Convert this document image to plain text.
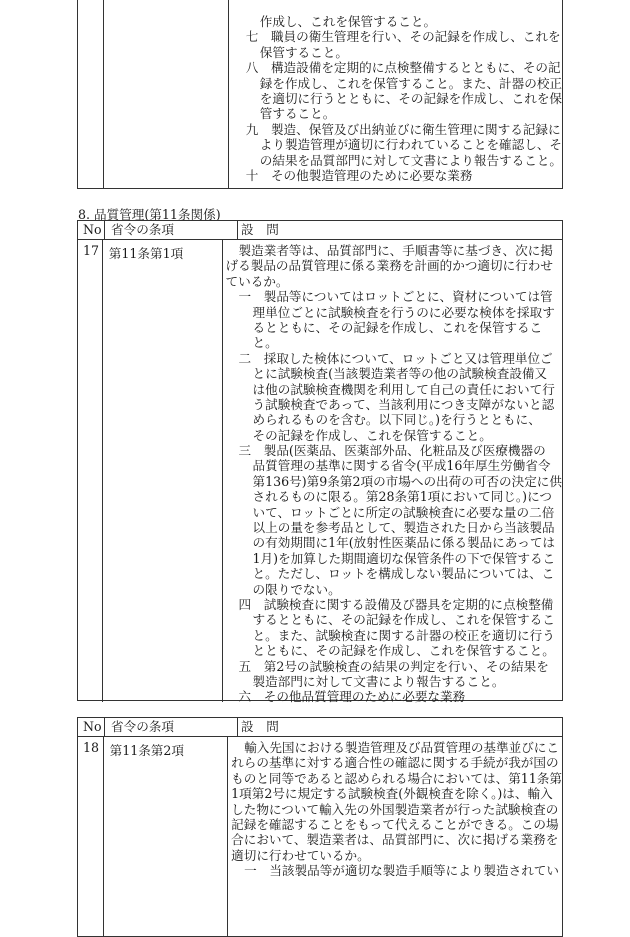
作成し、これを保管すること。
七　職員の衛生管理を行い、その記録を作成し、これを
保管すること。
八　構造設備を定期的に点検整備するとともに、その記
録を作成し、これを保管すること。また、計器の校正
を適切に行うとともに、その記録を作成し、これを保
管すること。
九　製造、保管及び出納並びに衛生管理に関する記録に
より製造管理が適切に行われていることを確認し、そ
の結果を品質部門に対して文書により報告すること。
十　その他製造管理のために必要な業務
8. 品質管理(第11条関係)
No 省令の条項	設　問
17 第11条第1項	製造業者等は、品質部門に、手順書等に基づき、次に掲
げる製品の品質管理に係る業務を計画的かつ適切に行わせ
ているか。
一　製品等についてはロットごとに、資材については管
理単位ごとに試験検査を行うのに必要な検体を採取す
るとともに、その記録を作成し、これを保管するこ
と。
二　採取した検体について、ロットごと又は管理単位ご
とに試験検査(当該製造業者等の他の試験検査設備又
は他の試験検査機関を利用して自己の責任において行
う試験検査であって、当該利用につき支障がないと認
められるものを含む。以下同じ。)を行うとともに、
その記録を作成し、これを保管すること。
三　製品(医薬品、医薬部外品、化粧品及び医療機器の
品質管理の基準に関する省令(平成16年厚生労働省令
第136号)第9条第2項の市場への出荷の可否の決定に供
されるものに限る。第28条第1項において同じ。)につ
いて、ロットごとに所定の試験検査に必要な量の二倍
以上の量を参考品として、製造された日から当該製品
の有効期間に1年(放射性医薬品に係る製品にあっては
1月)を加算した期間適切な保管条件の下で保管するこ
と。ただし、ロットを構成しない製品については、こ
の限りでない。
四　試験検査に関する設備及び器具を定期的に点検整備
するとともに、その記録を作成し、これを保管するこ
と。また、試験検査に関する計器の校正を適切に行う
とともに、その記録を作成し、これを保管すること。
五　第2号の試験検査の結果の判定を行い、その結果を
製造部門に対して文書により報告すること。
六　その他品質管理のために必要な業務
No 省令の条項	設　問
18 第11条第2項	輸入先国における製造管理及び品質管理の基準並びにこ
れらの基準に対する適合性の確認に関する手続が我が国の
ものと同等であると認められる場合においては、第11条第
1項第2号に規定する試験検査(外観検査を除く。)は、輸入
した物について輸入先の外国製造業者が行った試験検査の
記録を確認することをもって代えることができる。この場
合において、製造業者は、品質部門に、次に掲げる業務を
適切に行わせているか。
一　当該製品等が適切な製造手順等により製造されてい
